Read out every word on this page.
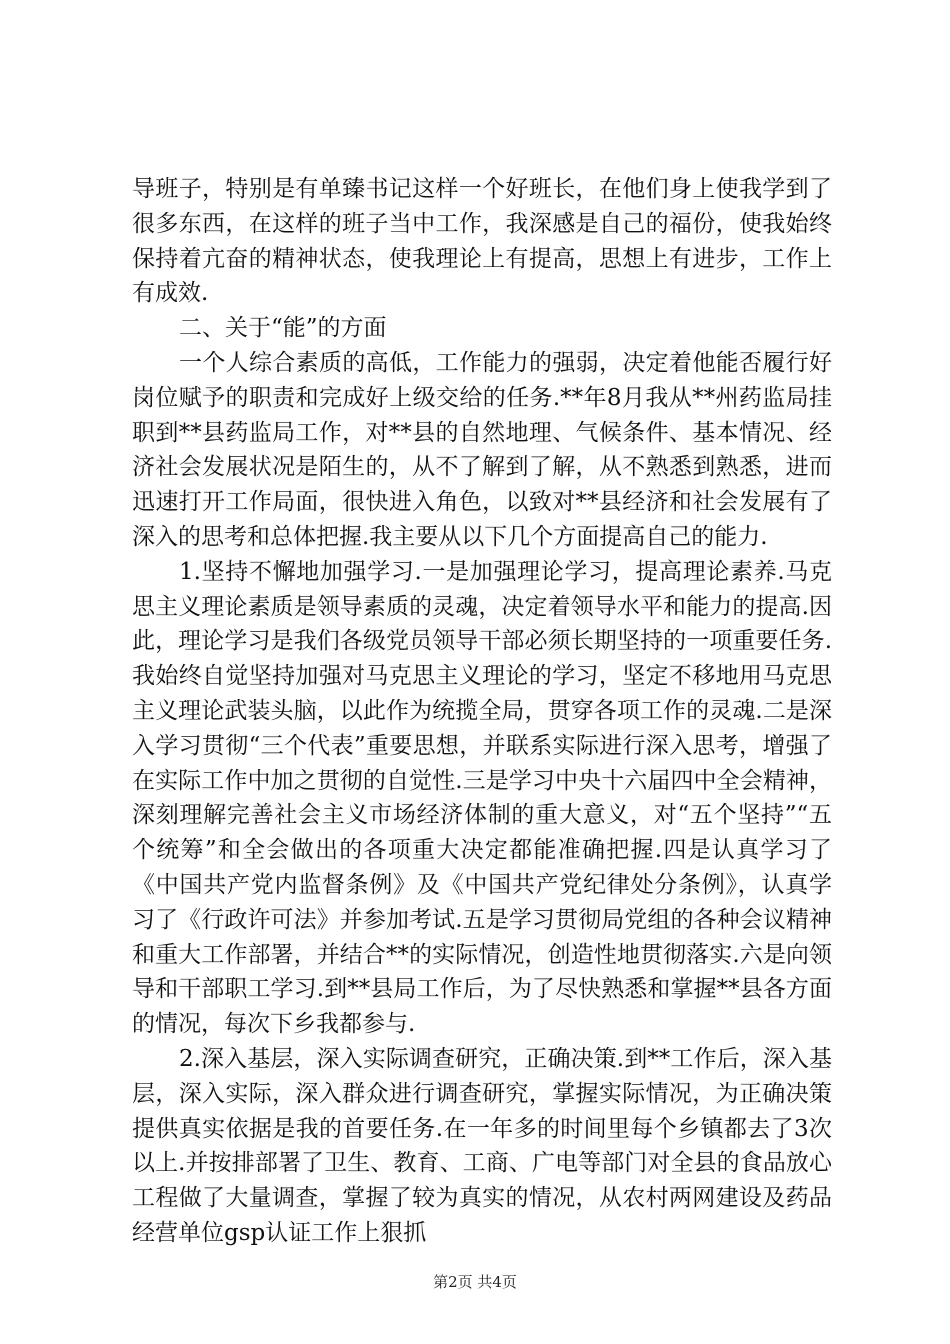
导班子，特别是有单臻书记这样一个好班长，在他们身上使我学到了很多东西，在这样的班子当中工作，我深感是自己的福份，使我始终保持着亢奋的精神状态，使我理论上有提高，思想上有进步，工作上有成效.

二、关于“能”的方面

一个人综合素质的高低，工作能力的强弱，决定着他能否履行好岗位赋予的职责和完成好上级交给的任务.**年8月我从**州药监局挂职到**县药监局工作，对**县的自然地理、气候条件、基本情况、经济社会发展状况是陌生的，从不了解到了解，从不熟悉到熟悉，进而迅速打开工作局面，很快进入角色，以致对**县经济和社会发展有了深入的思考和总体把握.我主要从以下几个方面提高自己的能力.

1.坚持不懈地加强学习.一是加强理论学习，提高理论素养.马克思主义理论素质是领导素质的灵魂，决定着领导水平和能力的提高.因此，理论学习是我们各级党员领导干部必须长期坚持的一项重要任务.我始终自觉坚持加强对马克思主义理论的学习，坚定不移地用马克思主义理论武装头脑，以此作为统揽全局，贯穿各项工作的灵魂.二是深入学习贯彻“三个代表”重要思想，并联系实际进行深入思考，增强了在实际工作中加之贯彻的自觉性.三是学习中央十六届四中全会精神，深刻理解完善社会主义市场经济体制的重大意义，对“五个坚持”“五个统筹”和全会做出的各项重大决定都能准确把握.四是认真学习了《中国共产党内监督条例》及《中国共产党纪律处分条例》，认真学习了《行政许可法》并参加考试.五是学习贯彻局党组的各种会议精神和重大工作部署，并结合**的实际情况，创造性地贯彻落实.六是向领导和干部职工学习.到**县局工作后，为了尽快熟悉和掌握**县各方面的情况，每次下乡我都参与.

2.深入基层，深入实际调查研究，正确决策.到**工作后，深入基层，深入实际，深入群众进行调查研究，掌握实际情况，为正确决策提供真实依据是我的首要任务.在一年多的时间里每个乡镇都去了3次以上.并按排部署了卫生、教育、工商、广电等部门对全县的食品放心工程做了大量调查，掌握了较为真实的情况，从农村两网建设及药品经营单位gsp认证工作上狠抓

第2页 共4页
